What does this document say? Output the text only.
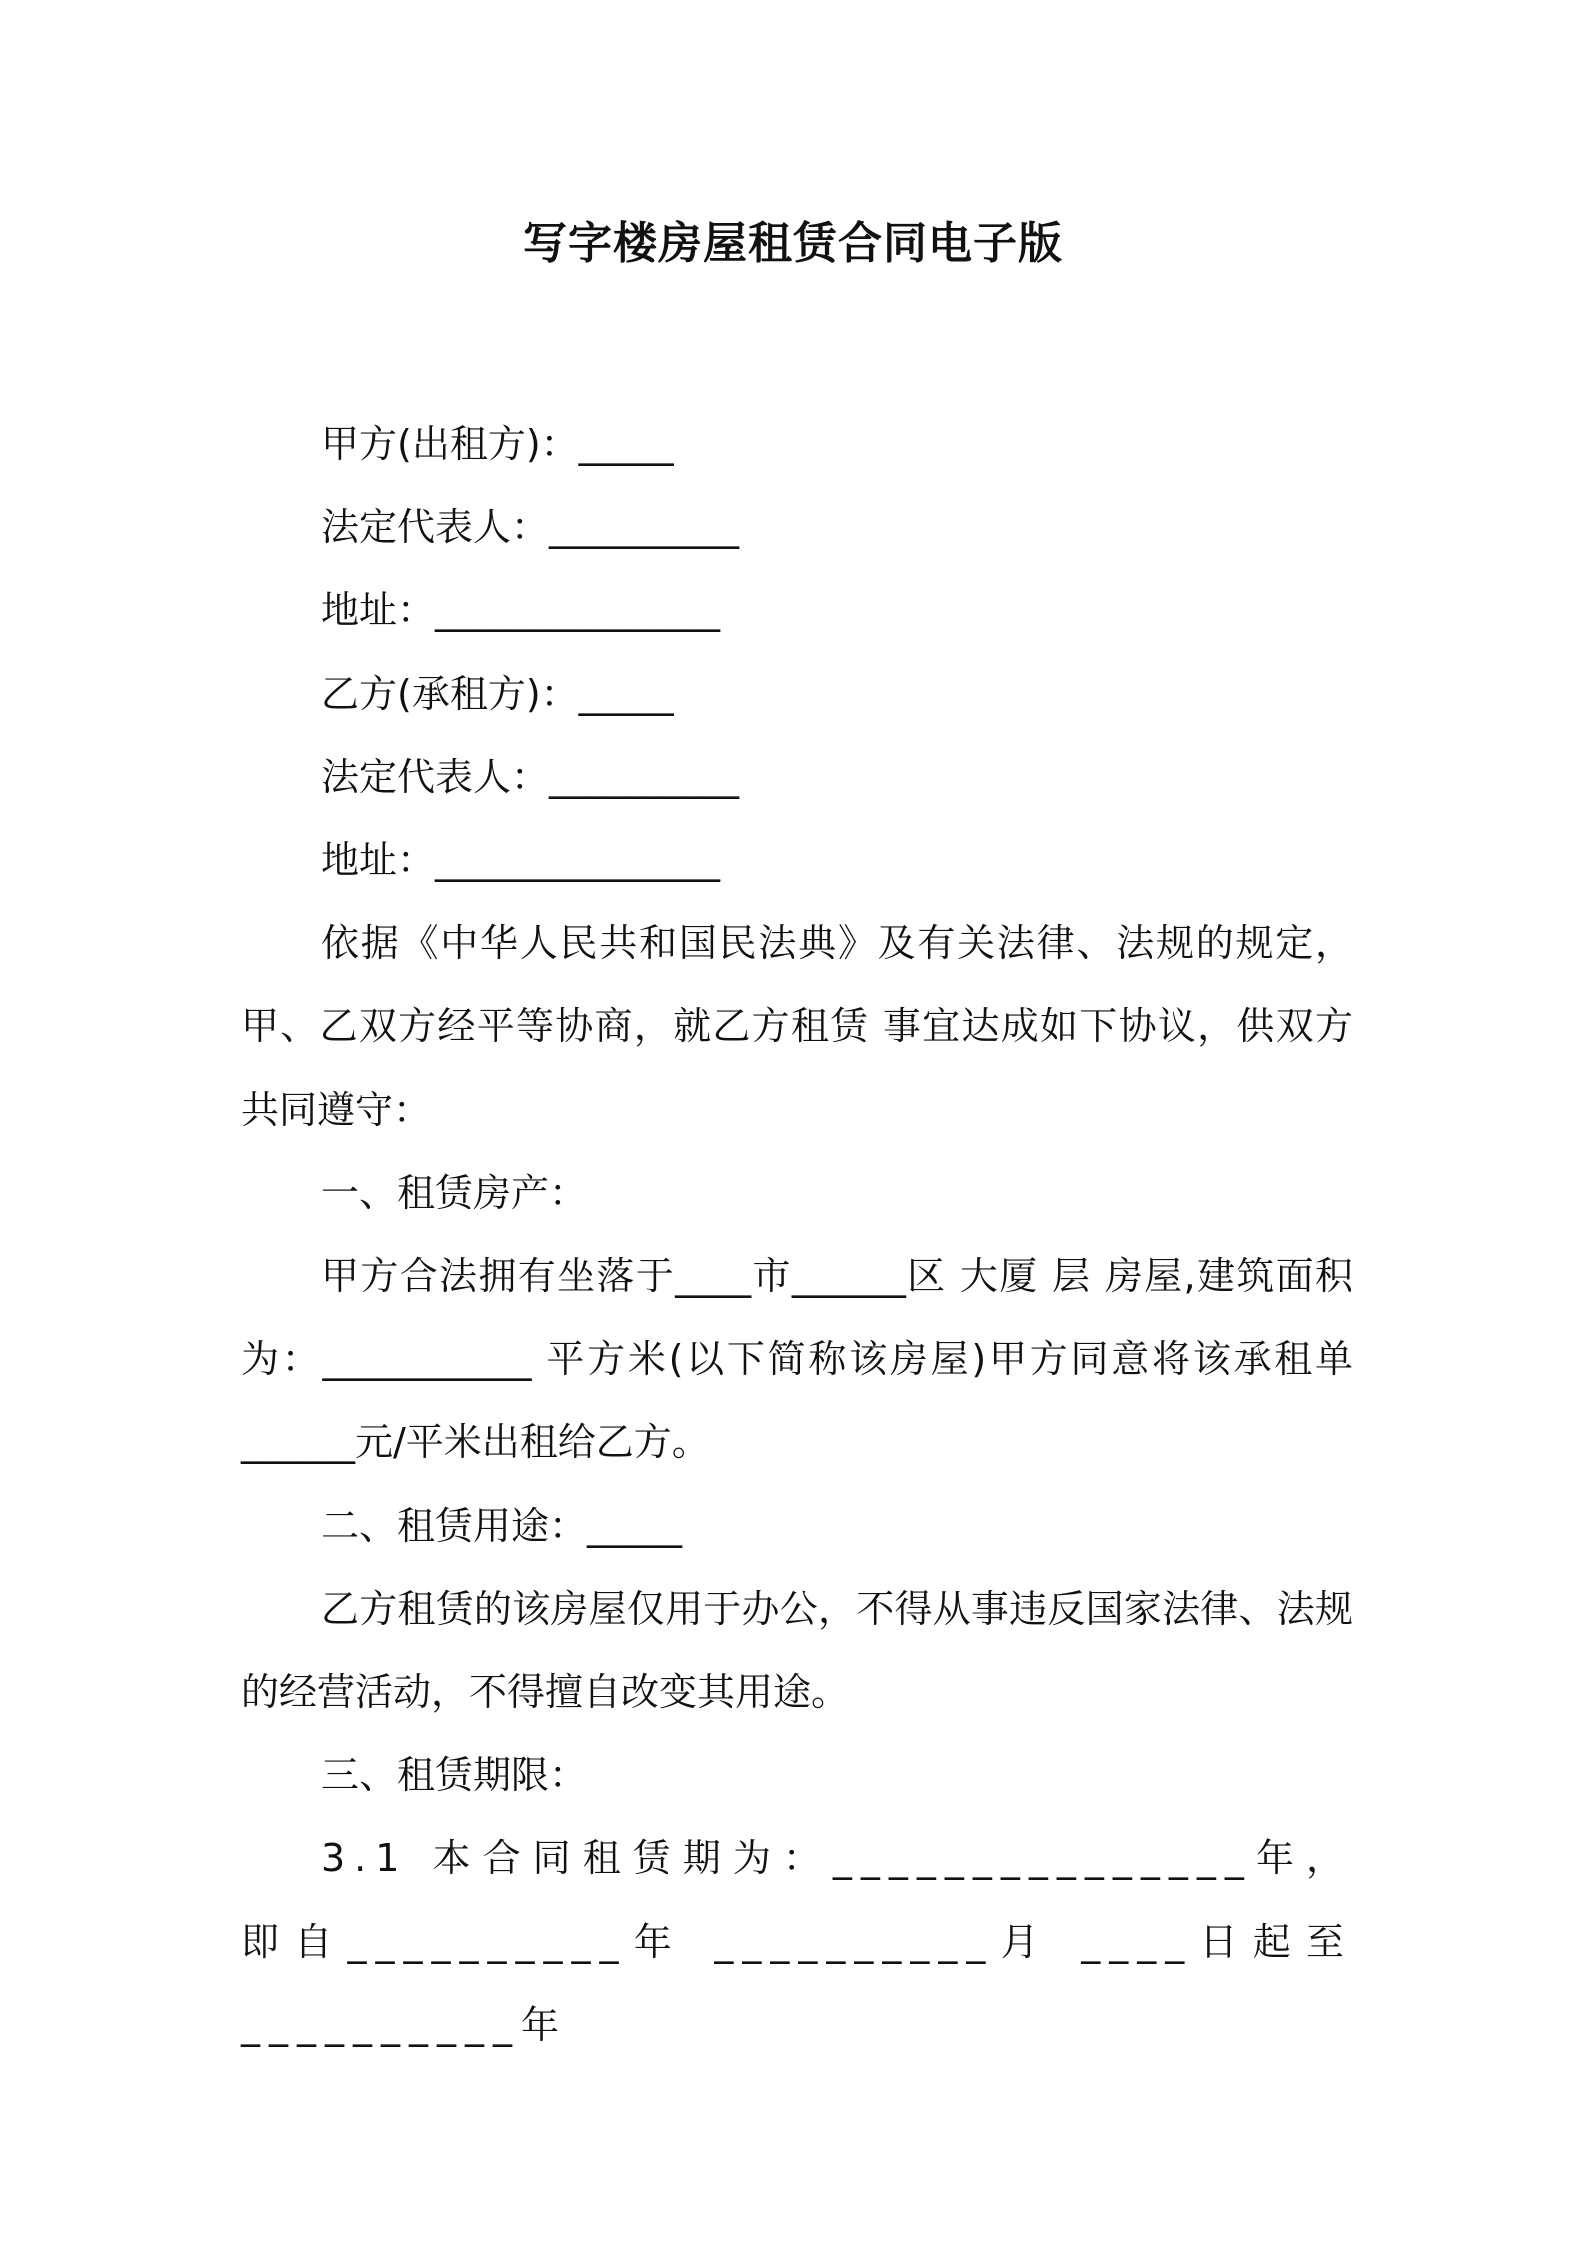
写字楼房屋租赁合同电子版

甲方(出租方)：_____

法定代表人：__________

地址：_______________

乙方(承租方)：_____

法定代表人：__________

地址：_______________

依据《中华人民共和国民法典》及有关法律、法规的规定，甲、乙双方经平等协商，就乙方租赁 事宜达成如下协议，供双方共同遵守：

一、租赁房产：

甲方合法拥有坐落于____市______区 大厦 层 房屋,建筑面积为：___________ 平方米(以下简称该房屋)甲方同意将该承租单______元/平米出租给乙方。

二、租赁用途：_____

乙方租赁的该房屋仅用于办公，不得从事违反国家法律、法规的经营活动，不得擅自改变其用途。

三、租赁期限：

3.1 本合同租赁期为：_______________年，即自__________年 __________月 ____日起至 __________年
